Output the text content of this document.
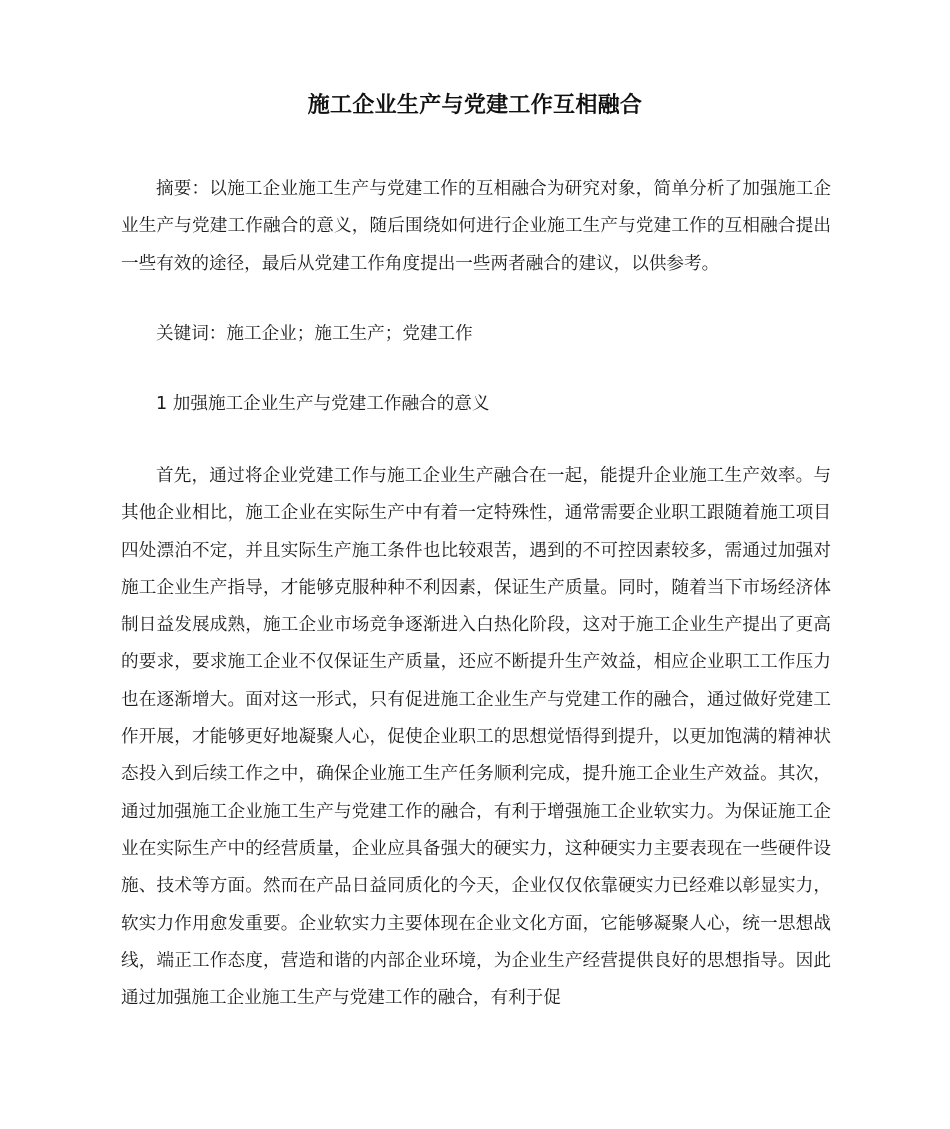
施工企业生产与党建工作互相融合

摘要：以施工企业施工生产与党建工作的互相融合为研究对象，简单分析了加强施工企业生产与党建工作融合的意义，随后围绕如何进行企业施工生产与党建工作的互相融合提出一些有效的途径，最后从党建工作角度提出一些两者融合的建议，以供参考。

关键词：施工企业；施工生产；党建工作

1 加强施工企业生产与党建工作融合的意义

首先，通过将企业党建工作与施工企业生产融合在一起，能提升企业施工生产效率。与其他企业相比，施工企业在实际生产中有着一定特殊性，通常需要企业职工跟随着施工项目四处漂泊不定，并且实际生产施工条件也比较艰苦，遇到的不可控因素较多，需通过加强对施工企业生产指导，才能够克服种种不利因素，保证生产质量。同时，随着当下市场经济体制日益发展成熟，施工企业市场竞争逐渐进入白热化阶段，这对于施工企业生产提出了更高的要求，要求施工企业不仅保证生产质量，还应不断提升生产效益，相应企业职工工作压力也在逐渐增大。面对这一形式，只有促进施工企业生产与党建工作的融合，通过做好党建工作开展，才能够更好地凝聚人心，促使企业职工的思想觉悟得到提升，以更加饱满的精神状态投入到后续工作之中，确保企业施工生产任务顺利完成，提升施工企业生产效益。其次，通过加强施工企业施工生产与党建工作的融合，有利于增强施工企业软实力。为保证施工企业在实际生产中的经营质量，企业应具备强大的硬实力，这种硬实力主要表现在一些硬件设施、技术等方面。然而在产品日益同质化的今天，企业仅仅依靠硬实力已经难以彰显实力，软实力作用愈发重要。企业软实力主要体现在企业文化方面，它能够凝聚人心，统一思想战线，端正工作态度，营造和谐的内部企业环境，为企业生产经营提供良好的思想指导。因此通过加强施工企业施工生产与党建工作的融合，有利于促
